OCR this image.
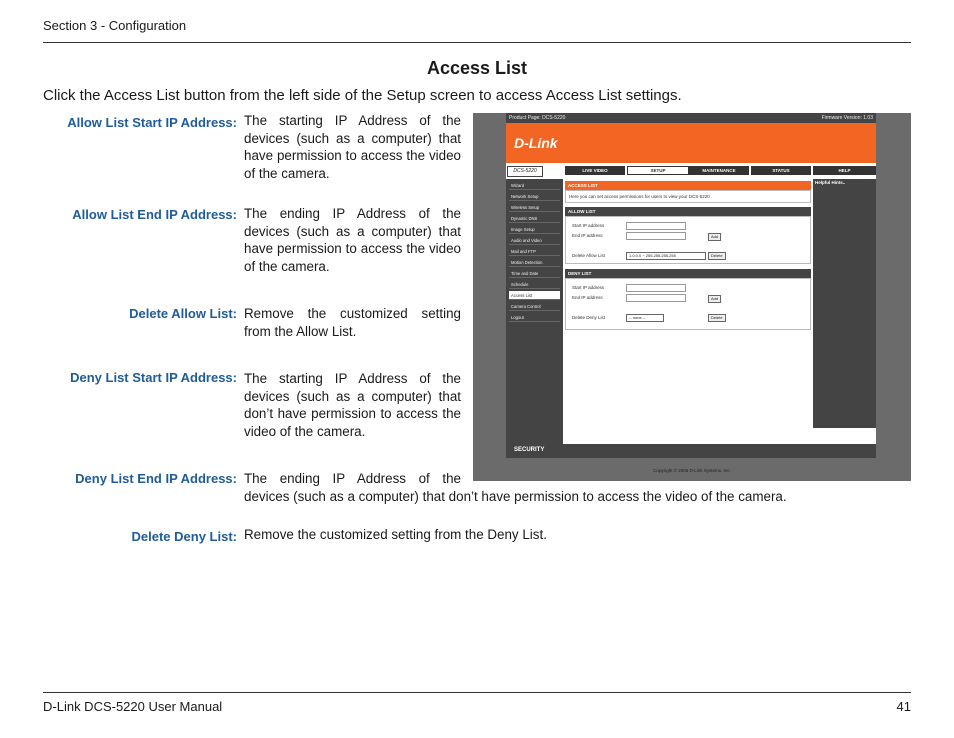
Section 3 - Configuration
Access List
Click the Access List button from the left side of the Setup screen to access Access List settings.
Allow List Start IP Address: The starting IP Address of the devices (such as a computer) that have permission to access the video of the camera.
Allow List End IP Address: The ending IP Address of the devices (such as a computer) that have permission to access the video of the camera.
Delete Allow List: Remove the customized setting from the Allow List.
Deny List Start IP Address: The starting IP Address of the devices (such as a computer) that don’t have permission to access the video of the camera.
Deny List End IP Address: The ending IP Address of the
devices (such as a computer) that don’t have permission to access the video of the camera.
Delete Deny List: Remove the customized setting from the Deny List.
Product Page: DCS-5220	Firmware Version: 1.03
D-Link
DCS-5220	LIVE VIDEO	SETUP	MAINTENANCE	STATUS	HELP
Wizard
Network Setup
Wireless Setup
Dynamic DNS
Image Setup
Audio and Video
Mail and FTP
Motion Detection
Time and Date
Schedule
Access List
Camera Control
Logout
ACCESS LIST
Here you can set access permissions for users to view your DCS-5220 .
ALLOW LIST
Start IP address
End IP address	Add
Delete Allow List	1.0.0.0 ~ 255.255.255.255	Delete
DENY LIST
Start IP address
End IP address	Add
Delete Deny List	-- none --	Delete
Helpful Hints..
SECURITY
Copyright © 2006 D-Link Systems, Inc.
D-Link DCS-5220 User Manual	41
